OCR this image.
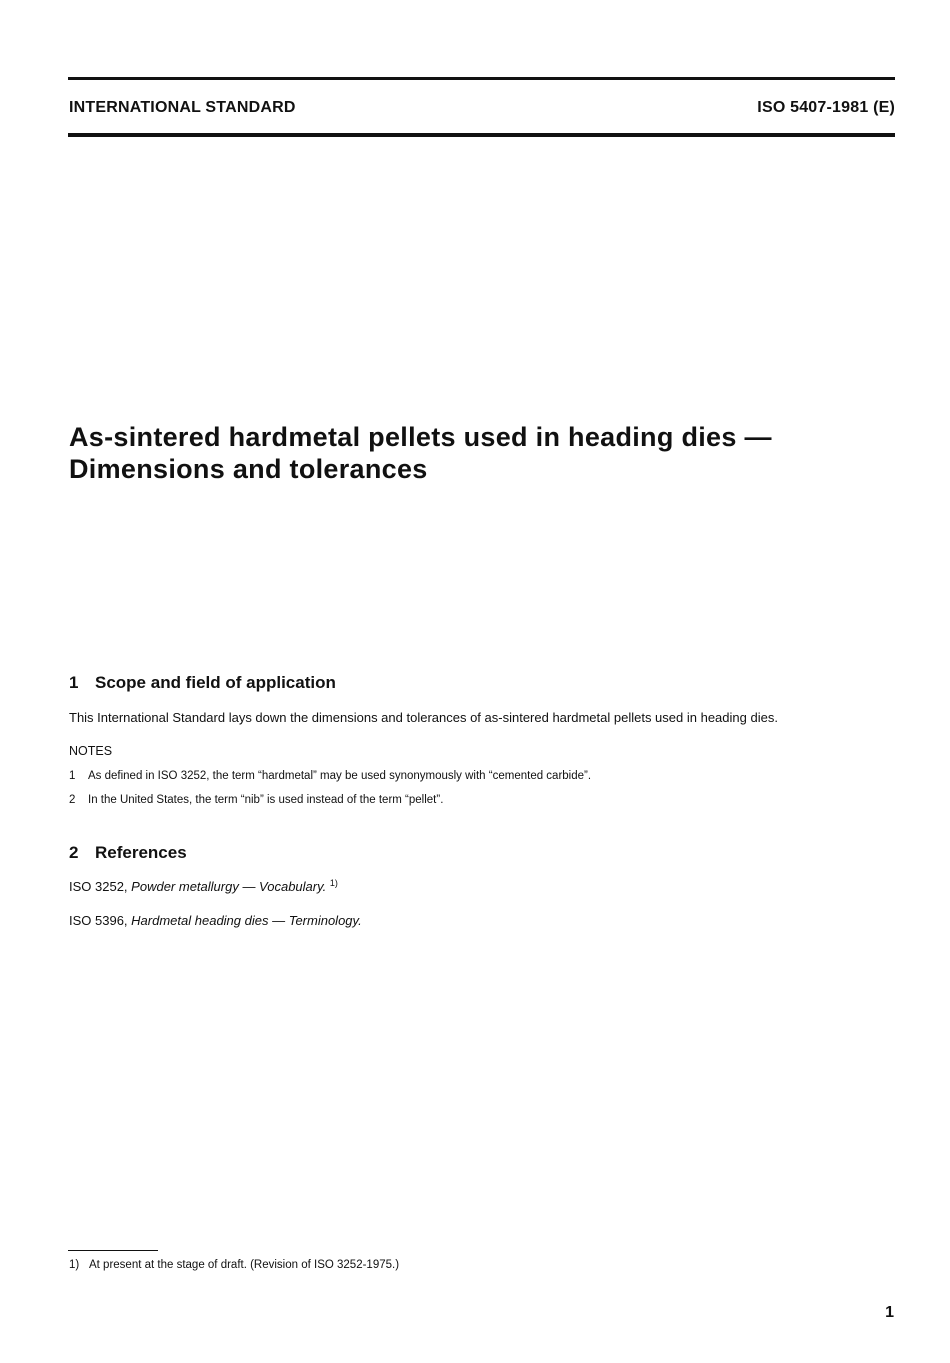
INTERNATIONAL STANDARD	ISO 5407-1981 (E)
As-sintered hardmetal pellets used in heading dies —
Dimensions and tolerances
1 Scope and field of application
This International Standard lays down the dimensions and tolerances of as-sintered hardmetal pellets used in heading dies.
NOTES
1 As defined in ISO 3252, the term “hardmetal” may be used synonymously with “cemented carbide”.
2 In the United States, the term “nib” is used instead of the term “pellet”.
2 References
ISO 3252, Powder metallurgy — Vocabulary. $^{1)}$
ISO 5396, Hardmetal heading dies — Terminology.
1) At present at the stage of draft. (Revision of ISO 3252-1975.)
1
